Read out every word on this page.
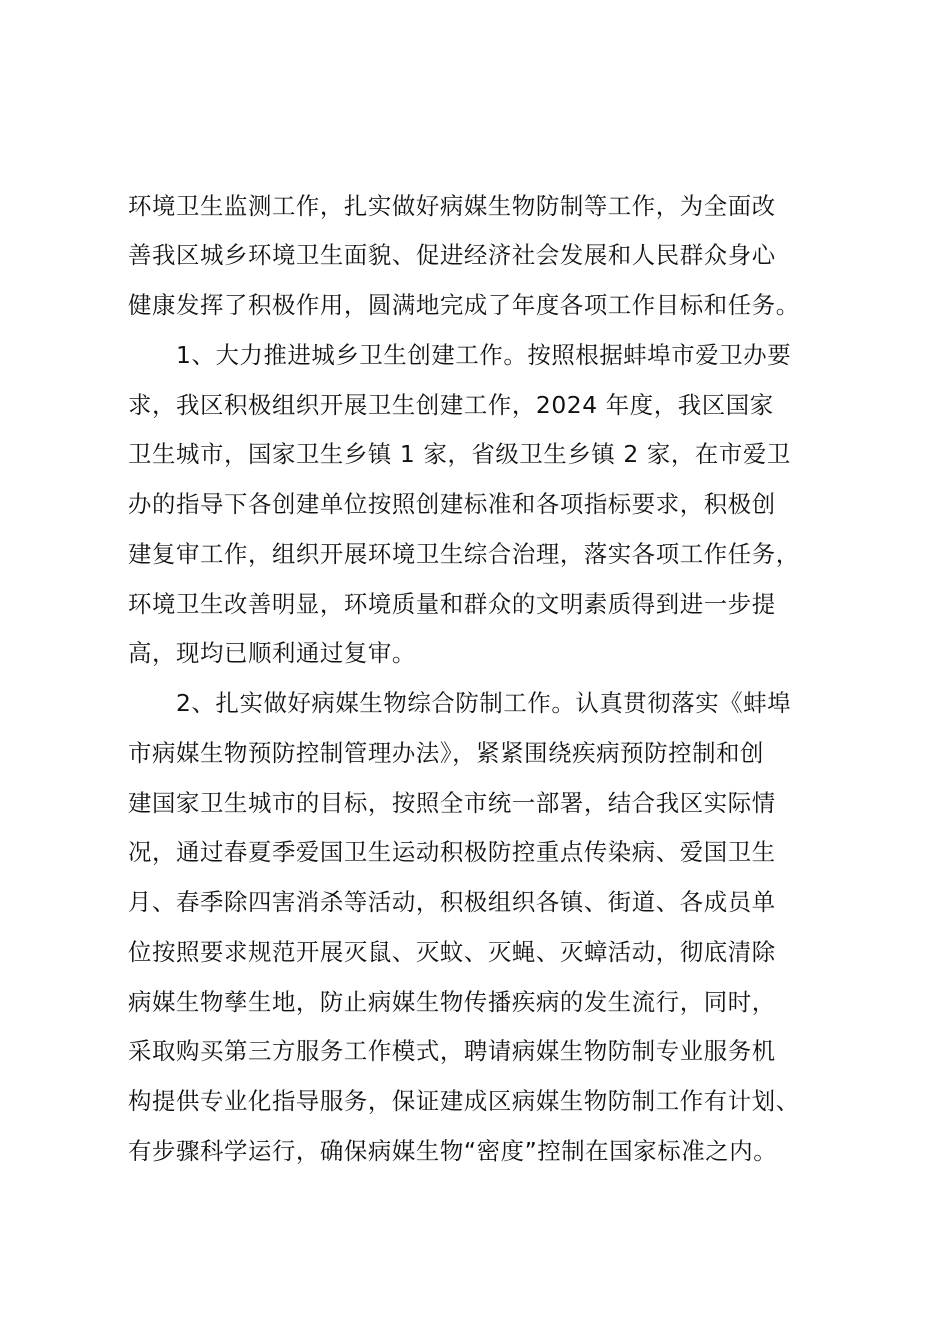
环境卫生监测工作，扎实做好病媒生物防制等工作，为全面改
善我区城乡环境卫生面貌、促进经济社会发展和人民群众身心
健康发挥了积极作用，圆满地完成了年度各项工作目标和任务。
1、大力推进城乡卫生创建工作。按照根据蚌埠市爱卫办要
求，我区积极组织开展卫生创建工作，2024 年度，我区国家
卫生城市，国家卫生乡镇 1 家，省级卫生乡镇 2 家，在市爱卫
办的指导下各创建单位按照创建标准和各项指标要求，积极创
建复审工作，组织开展环境卫生综合治理，落实各项工作任务，
环境卫生改善明显，环境质量和群众的文明素质得到进一步提
高，现均已顺利通过复审。
2、扎实做好病媒生物综合防制工作。认真贯彻落实《蚌埠
市病媒生物预防控制管理办法》，紧紧围绕疾病预防控制和创
建国家卫生城市的目标，按照全市统一部署，结合我区实际情
况，通过春夏季爱国卫生运动积极防控重点传染病、爱国卫生
月、春季除四害消杀等活动，积极组织各镇、街道、各成员单
位按照要求规范开展灭鼠、灭蚊、灭蝇、灭蟑活动，彻底清除
病媒生物孳生地，防止病媒生物传播疾病的发生流行，同时，
采取购买第三方服务工作模式，聘请病媒生物防制专业服务机
构提供专业化指导服务，保证建成区病媒生物防制工作有计划、
有步骤科学运行，确保病媒生物“密度”控制在国家标准之内。
